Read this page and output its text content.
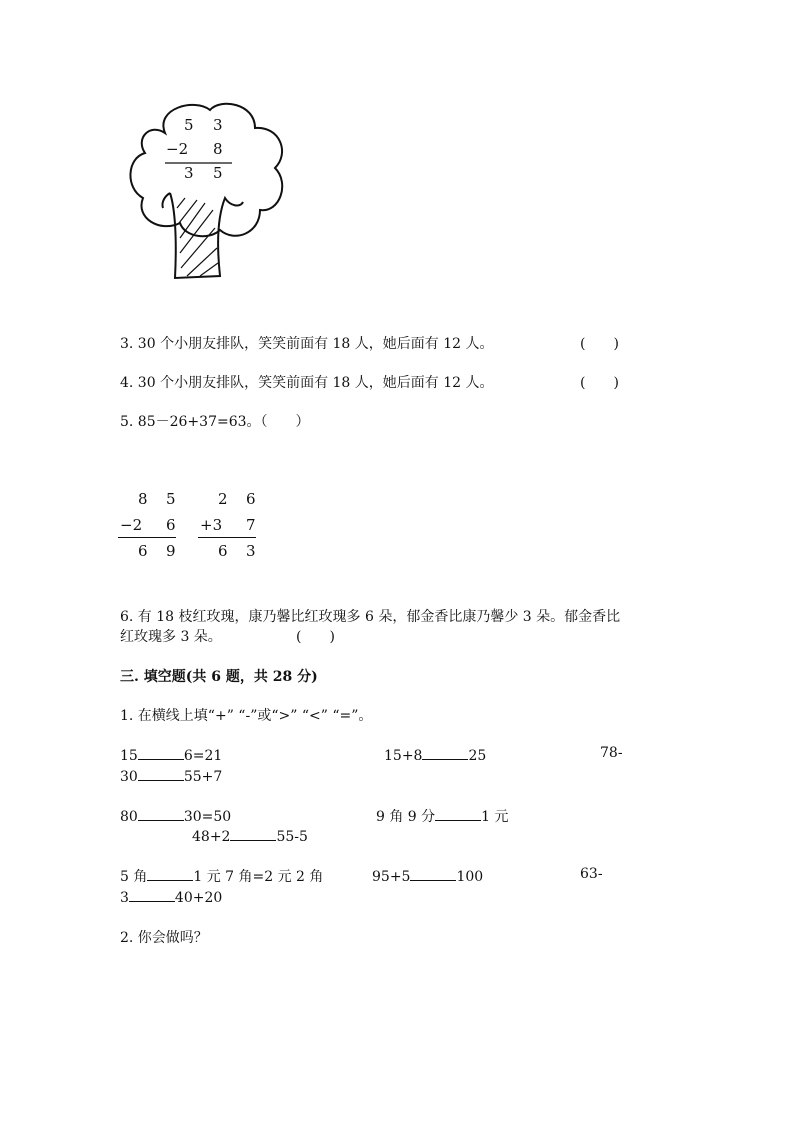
5 3
−2 8
3 5
3. 30 个小朋友排队，笑笑前面有 18 人，她后面有 12 人。	(　　)
4. 30 个小朋友排队，笑笑前面有 18 人，她后面有 12 人。	(　　)
5. 85－26+37=63。（　　）
8 5
−2 6
6 9
2 6
+3 7
6 3
6. 有 18 枝红玫瑰，康乃馨比红玫瑰多 6 朵，郁金香比康乃馨少 3 朵。郁金香比
红玫瑰多 3 朵。	(　　)
三. 填空题(共 6 题，共 28 分)
1. 在横线上填“+” “-”或“>” “<” “=”。
15	6=21	15+8	25	78-
30	55+7
80	30=50	9 角 9 分	1 元
48+2	55-5
5 角	1 元 7 角=2 元 2 角	95+5	100	63-
3	40+20
2. 你会做吗？
